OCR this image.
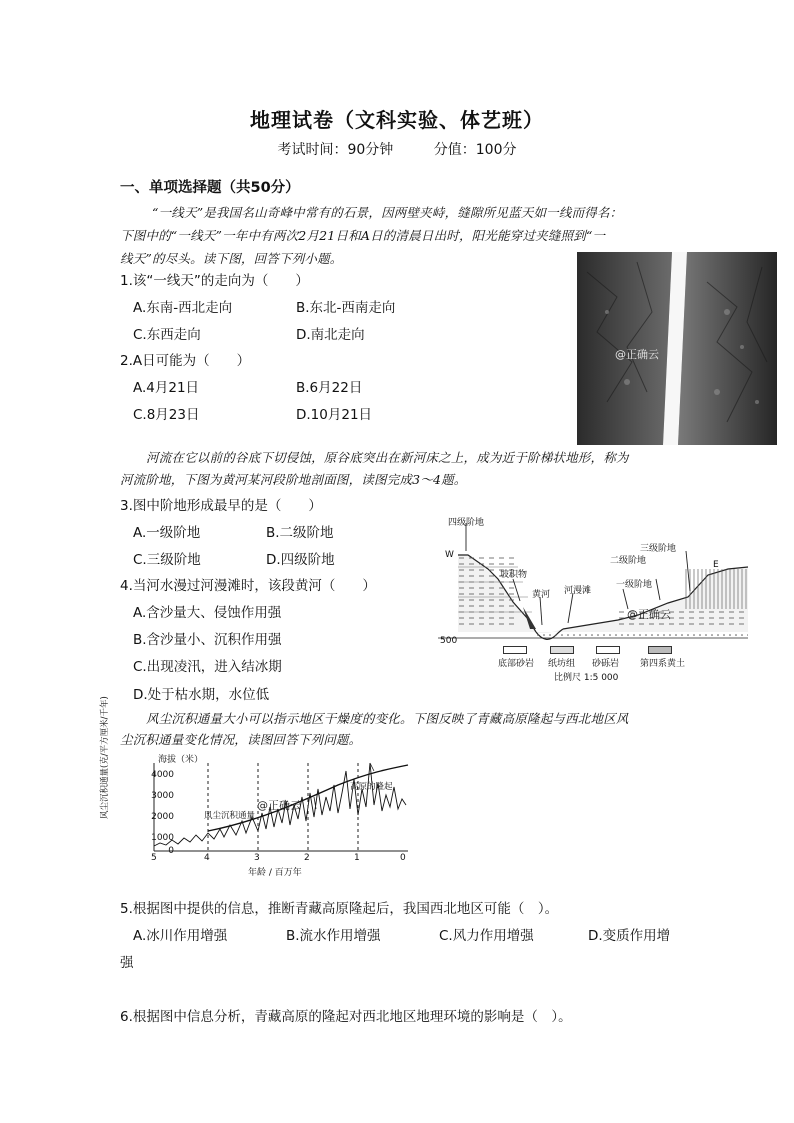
地理试卷（文科实验、体艺班）
考试时间：90分钟	分值：100分
一、单项选择题（共50分）
“一线天”是我国名山奇峰中常有的石景，因两壁夹峙，缝隙所见蓝天如一线而得名：
下图中的“一线天”一年中有两次2月21日和A日的清晨日出时，阳光能穿过夹缝照到“一
线天”的尽头。读下图，回答下列小题。
1.该“一线天”的走向为（　　）
A.东南-西北走向	B.东北-西南走向
C.东西走向	D.南北走向
2.A日可能为（　　）
A.4月21日	B.6月22日
C.8月23日	D.10月21日
@正确云
河流在它以前的谷底下切侵蚀，原谷底突出在新河床之上，成为近于阶梯状地形，称为
河流阶地，下图为黄河某河段阶地剖面图，读图完成3～4题。
3.图中阶地形成最早的是（　　）
A.一级阶地	B.二级阶地
C.三级阶地	D.四级阶地
4.当河水漫过河漫滩时，该段黄河（　　）
A.含沙量大、侵蚀作用强
B.含沙量小、沉积作用强
C.出现凌汛，进入结冰期
D.处于枯水期，水位低
四级阶地
W
E
坡积物
黄河 河漫滩
一级阶地
二级阶地
三级阶地
500
@正确云
底部砂岩 纸坊组 砂砾岩 第四系黄土
比例尺 1:5 000
风尘沉积通量大小可以指示地区干燥度的变化。下图反映了青藏高原隆起与西北地区风
尘沉积通量变化情况，读图回答下列问题。
海拔（米）
4000
3000
2000
1000
0
风尘沉积通量(克/平方厘米/千年)
5	4	3	2	1	0
年龄 / 百万年
风尘沉积通量
高原的隆起
@正确云
5.根据图中提供的信息，推断青藏高原隆起后，我国西北地区可能（　）。
A.冰川作用增强	B.流水作用增强	C.风力作用增强	D.变质作用增
强
6.根据图中信息分析，青藏高原的隆起对西北地区地理环境的影响是（　）。
